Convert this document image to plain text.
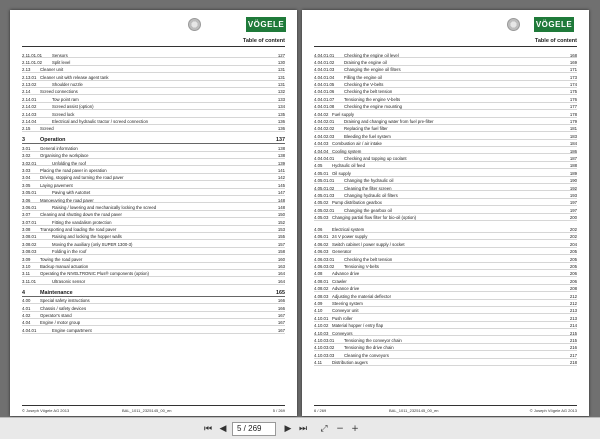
VÖGELE
Table of content
2.11.01.01 Sensors	127
2.11.01.02 Split level	130
2.13 Cleaner unit	131
2.13.01 Cleaner unit with release agent tank	131
2.13.02	Shoulder nozzle	131
2.14 Screed connections	132
2.14.01	Tow point ram	133
2.14.02	Screed assist (option)	134
2.14.03	Screed lock	135
2.14.04	Electrical and hydraulic tractor / screed connection	136
2.15 Screed	136
3	Operation	137
3.01 General information	138
3.02 Organising the workplace	138
3.02.01	Unfolding the roof	139
3.03 Placing the road paver in operation	141
3.04 Driving, stopping and turning the road paver	142
3.05 Laying pavement	145
3.05.01	Paving with AutoSet	147
3.06 Manoeuvring the road paver	148
3.06.01	Raising / lowering and mechanically locking the screed	148
3.07 Cleaning and shutting down the road paver	150
3.07.01	Fitting the vandalism protection	152
3.08 Transporting and loading the road paver	153
3.08.01	Raising and locking the hopper walls	155
3.08.02	Moving the auxiliary (only SUPER 1300-3)	157
3.08.03	Folding in the roof	158
3.09 Towing the road paver	160
3.10 Backup manual actuation	163
3.11 Operating the NIVELTRONIC Plus® components (option)	164
3.11.01	Ultrasonic sensor	164
4	Maintenance	165
4.00 Special safety instructions	166
4.01 Chassis / safety devices	166
4.02 Operator's stand	167
4.04 Engine / motor group	167
4.04.01	Engine compartment	167
© Joseph Vögele AG 2013	BAL_1011_2325145_00_en	5 / 269
VÖGELE
Table of content
4.04.01.01 Checking the engine oil level	168
4.04.01.02 Draining the engine oil	169
4.04.01.03 Changing the engine oil filters	171
4.04.01.04 Filling the engine oil	173
4.04.01.05 Checking the V-belts	174
4.04.01.06 Checking the belt tension	175
4.04.01.07 Tensioning the engine V-belts	176
4.04.01.08 Checking the engine mounting	177
4.04.02 Fuel supply	178
4.04.02.01 Draining and changing water from fuel pre-filter	179
4.04.02.02 Replacing the fuel filter	181
4.04.02.03 Bleeding the fuel system	183
4.04.03 Combustion air / air intake	184
4.04.04 Cooling system	186
4.04.04.01 Checking and topping up coolant	187
4.05 Hydraulic oil feed	188
4.05.01 Oil supply	189
4.05.01.01 Changing the hydraulic oil	190
4.05.01.02 Cleaning the filter screen	192
4.05.01.03 Changing hydraulic oil filters	193
4.05.02 Pump distribution gearbox	197
4.05.02.01 Changing the gearbox oil	197
4.05.03 Changing partial flow filter for bio-oil (option)	200
4.06 Electrical system	202
4.06.01 24 V power supply	202
4.06.02 Switch cabinet / power supply / socket	204
4.06.03 Generator	205
4.06.03.01 Checking the belt tension	205
4.06.03.02 Tensioning V-belts	205
4.08 Advance drive	206
4.08.01 Crawler	206
4.08.02 Advance drive	208
4.08.03 Adjusting the material deflector	212
4.09 Steering system	212
4.10 Conveyor unit	213
4.10.01 Push roller	213
4.10.02 Material hopper / entry flap	214
4.10.03 Conveyors	215
4.10.03.01 Tensioning the conveyor chain	215
4.10.03.02 Tensioning the drive chain	216
4.10.03.03 Cleaning the conveyors	217
4.11 Distribution augers	218
6 / 269	BAL_1011_2325145_00_en	© Joseph Vögele AG 2013
⏮ ◀	5 / 269	▶ ⏭ ⤢ − +
